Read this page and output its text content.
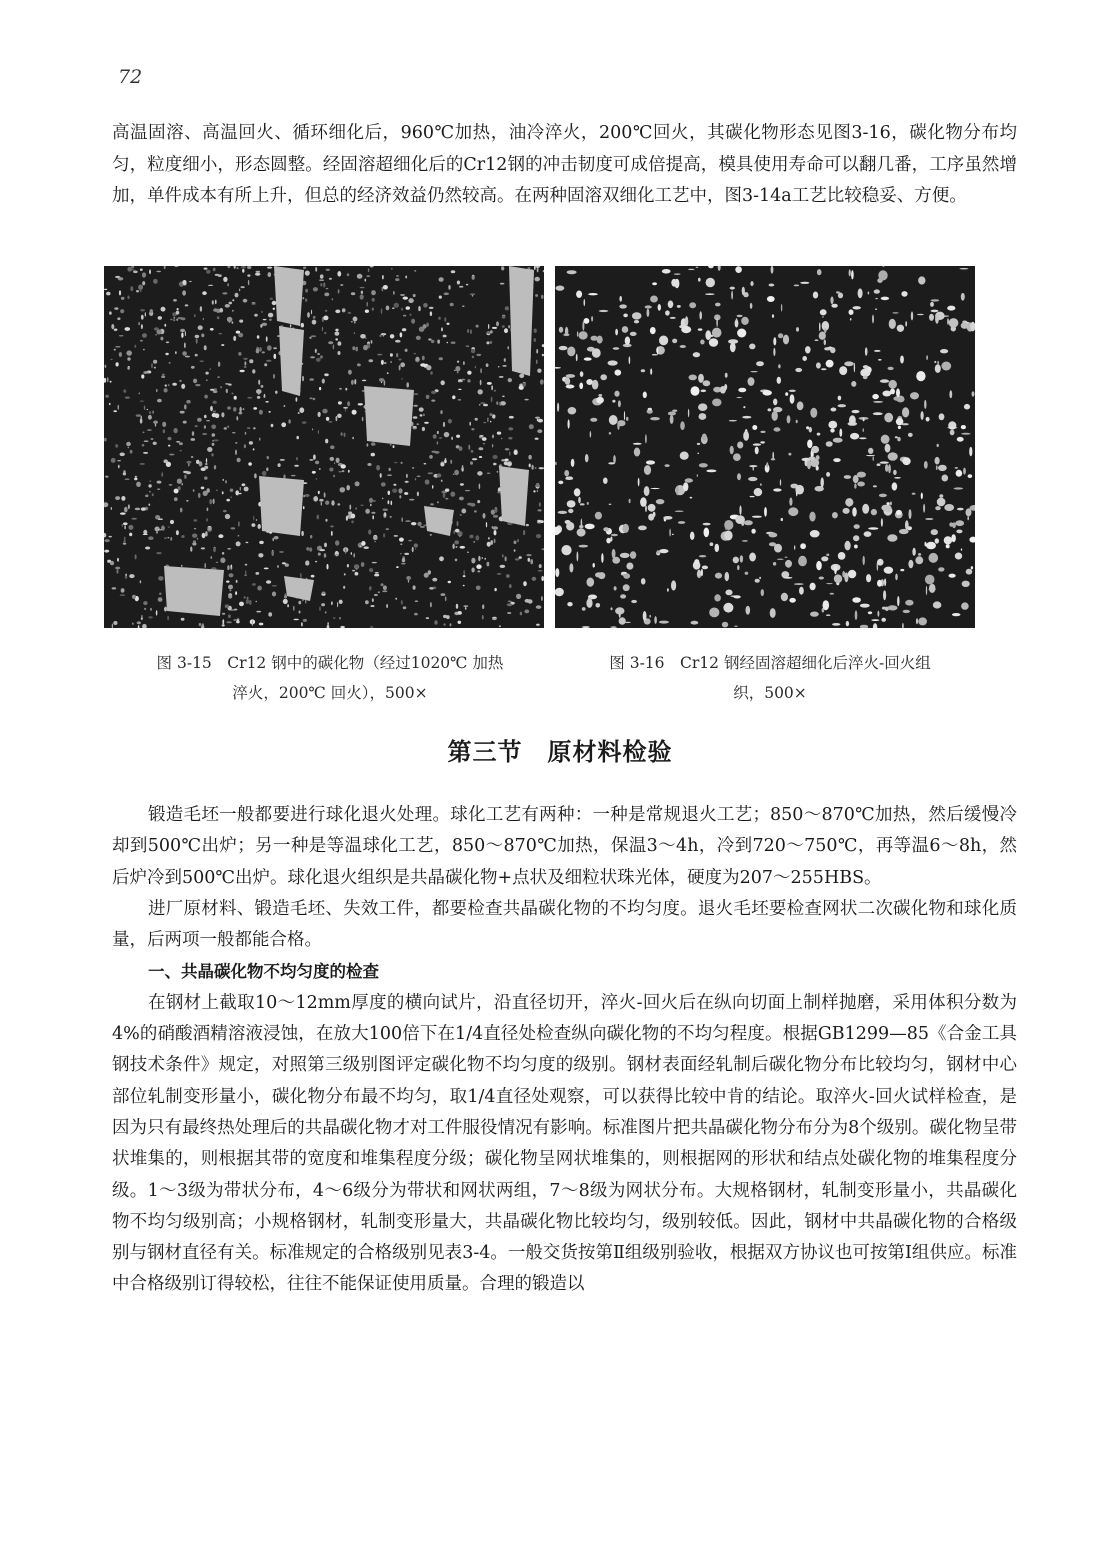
72

高温固溶、高温回火、循环细化后，960℃加热，油冷淬火，200℃回火，其碳化物形态见图3-16，碳化物分布均匀，粒度细小，形态圆整。经固溶超细化后的Cr12钢的冲击韧度可成倍提高，模具使用寿命可以翻几番，工序虽然增加，单件成本有所上升，但总的经济效益仍然较高。在两种固溶双细化工艺中，图3-14a工艺比较稳妥、方便。

图 3-15　Cr12 钢中的碳化物（经过1020℃ 加热淬火，200℃ 回火），500×
图 3-16　Cr12 钢经固溶超细化后淬火-回火组织，500×
第三节　原材料检验

锻造毛坯一般都要进行球化退火处理。球化工艺有两种：一种是常规退火工艺；850～870℃加热，然后缓慢冷却到500℃出炉；另一种是等温球化工艺，850～870℃加热，保温3～4h，冷到720～750℃，再等温6～8h，然后炉冷到500℃出炉。球化退火组织是共晶碳化物+点状及细粒状珠光体，硬度为207～255HBS。

进厂原材料、锻造毛坯、失效工件，都要检查共晶碳化物的不均匀度。退火毛坯要检查网状二次碳化物和球化质量，后两项一般都能合格。

一、共晶碳化物不均匀度的检查

在钢材上截取10～12mm厚度的横向试片，沿直径切开，淬火-回火后在纵向切面上制样抛磨，采用体积分数为4%的硝酸酒精溶液浸蚀，在放大100倍下在1/4直径处检查纵向碳化物的不均匀程度。根据GB1299—85《合金工具钢技术条件》规定，对照第三级别图评定碳化物不均匀度的级别。钢材表面经轧制后碳化物分布比较均匀，钢材中心部位轧制变形量小，碳化物分布最不均匀，取1/4直径处观察，可以获得比较中肯的结论。取淬火-回火试样检查，是因为只有最终热处理后的共晶碳化物才对工件服役情况有影响。标准图片把共晶碳化物分布分为8个级别。碳化物呈带状堆集的，则根据其带的宽度和堆集程度分级；碳化物呈网状堆集的，则根据网的形状和结点处碳化物的堆集程度分级。1～3级为带状分布，4～6级分为带状和网状两组，7～8级为网状分布。大规格钢材，轧制变形量小，共晶碳化物不均匀级别高；小规格钢材，轧制变形量大，共晶碳化物比较均匀，级别较低。因此，钢材中共晶碳化物的合格级别与钢材直径有关。标准规定的合格级别见表3-4。一般交货按第Ⅱ组级别验收，根据双方协议也可按第Ⅰ组供应。标准中合格级别订得较松，往往不能保证使用质量。合理的锻造以
